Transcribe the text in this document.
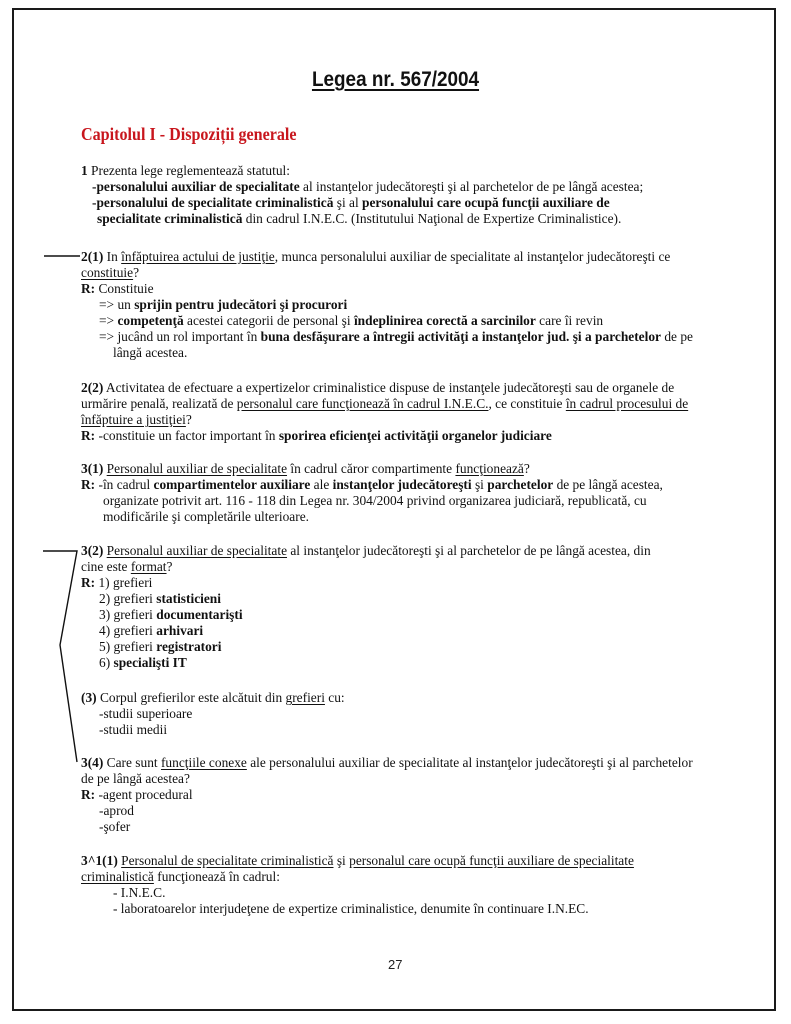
Legea nr. 567/2004
Capitolul I - Dispoziții generale
1 Prezenta lege reglementează statutul:
-personalului auxiliar de specialitate al instanţelor judecătoreşti şi al parchetelor de pe lângă acestea;
-personalului de specialitate criminalistică şi al personalului care ocupă funcţii auxiliare de
specialitate criminalistică din cadrul I.N.E.C. (Institutului Naţional de Expertize Criminalistice).
2(1) In înfăptuirea actului de justiţie, munca personalului auxiliar de specialitate al instanţelor judecătoreşti ce
constituie?
R: Constituie
=> un sprijin pentru judecători şi procurori
=> competenţă acestei categorii de personal şi îndeplinirea corectă a sarcinilor care îi revin
=> jucând un rol important în buna desfăşurare a întregii activităţi a instanţelor jud. şi a parchetelor de pe
lângă acestea.
2(2) Activitatea de efectuare a expertizelor criminalistice dispuse de instanţele judecătoreşti sau de organele de
urmărire penală, realizată de personalul care funcţionează în cadrul I.N.E.C., ce constituie în cadrul procesului de
înfăptuire a justiţiei?
R: -constituie un factor important în sporirea eficienţei activităţii organelor judiciare
3(1) Personalul auxiliar de specialitate în cadrul căror compartimente funcţionează?
R: -în cadrul compartimentelor auxiliare ale instanţelor judecătoreşti şi parchetelor de pe lângă acestea,
organizate potrivit art. 116 - 118 din Legea nr. 304/2004 privind organizarea judiciară, republicată, cu
modificările şi completările ulterioare.
3(2) Personalul auxiliar de specialitate al instanţelor judecătoreşti şi al parchetelor de pe lângă acestea, din
cine este format?
R: 1) grefieri
2) grefieri statisticieni
3) grefieri documentarişti
4) grefieri arhivari
5) grefieri registratori
6) specialişti IT
(3) Corpul grefierilor este alcătuit din grefieri cu:
-studii superioare
-studii medii
3(4) Care sunt funcţiile conexe ale personalului auxiliar de specialitate al instanţelor judecătoreşti şi al parchetelor
de pe lângă acestea?
R: -agent procedural
-aprod
-şofer
3^1(1) Personalul de specialitate criminalistică şi personalul care ocupă funcţii auxiliare de specialitate
criminalistică funcţionează în cadrul:
- I.N.E.C.
- laboratoarelor interjudeţene de expertize criminalistice, denumite în continuare I.N.EC.
27
